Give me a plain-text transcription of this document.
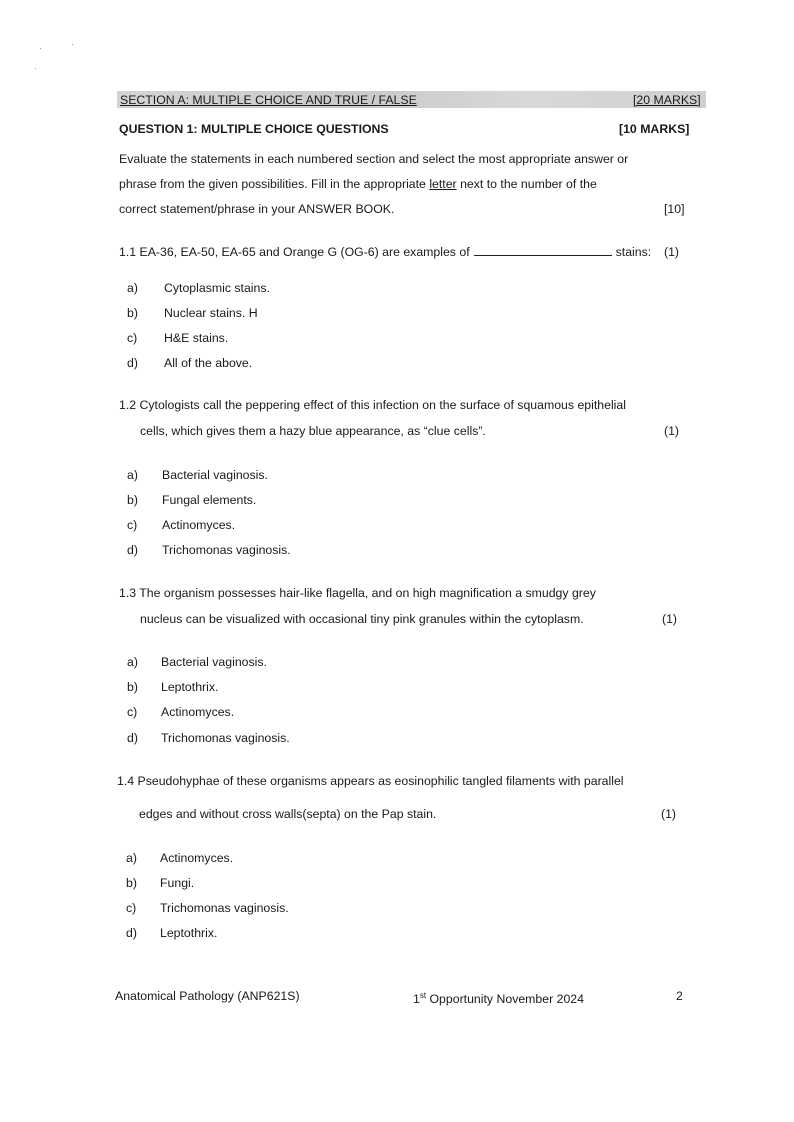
SECTION A: MULTIPLE CHOICE AND TRUE / FALSE	[20 MARKS]
QUESTION 1: MULTIPLE CHOICE QUESTIONS	[10 MARKS]
Evaluate the statements in each numbered section and select the most appropriate answer or
phrase from the given possibilities. Fill in the appropriate letter next to the number of the
correct statement/phrase in your ANSWER BOOK.	[10]
1.1 EA-36, EA-50, EA-65 and Orange G (OG-6) are examples of	stains: (1)
a) Cytoplasmic stains.
b) Nuclear stains. H
c) H&E stains.
d) All of the above.
1.2 Cytologists call the peppering effect of this infection on the surface of squamous epithelial
cells, which gives them a hazy blue appearance, as “clue cells”.	(1)
a) Bacterial vaginosis.
b) Fungal elements.
c) Actinomyces.
d) Trichomonas vaginosis.
1.3 The organism possesses hair-like flagella, and on high magnification a smudgy grey
nucleus can be visualized with occasional tiny pink granules within the cytoplasm.	(1)
a) Bacterial vaginosis.
b) Leptothrix.
c) Actinomyces.
d) Trichomonas vaginosis.
1.4 Pseudohyphae of these organisms appears as eosinophilic tangled filaments with parallel
edges and without cross walls(septa) on the Pap stain.	(1)
a) Actinomyces.
b) Fungi.
c) Trichomonas vaginosis.
d) Leptothrix.
Anatomical Pathology (ANP621S)	1st Opportunity November 2024	2
